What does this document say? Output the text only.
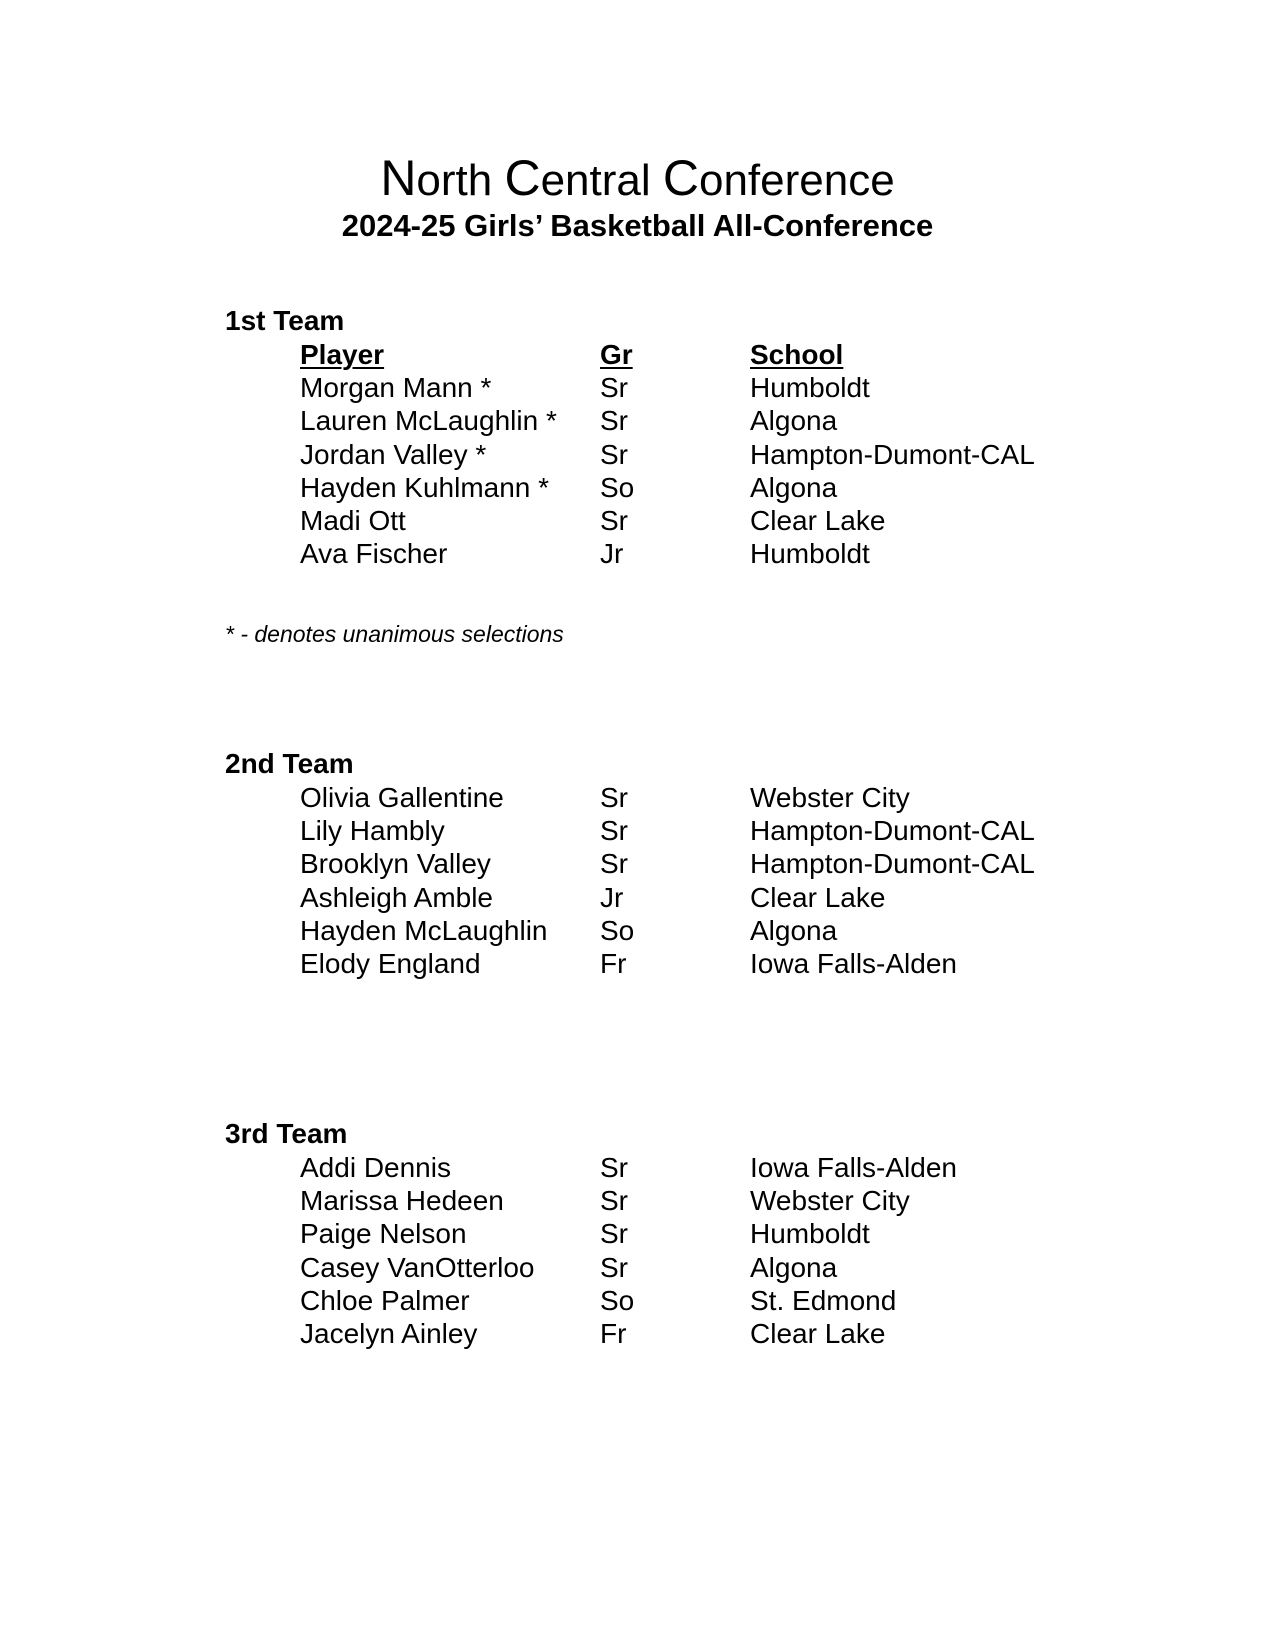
North Central Conference
2024-25 Girls’ Basketball All-Conference
1st Team
Player	Gr	School
Morgan Mann *	Sr	Humboldt
Lauren McLaughlin * Sr	Algona
Jordan Valley *	Sr	Hampton-Dumont-CAL
Hayden Kuhlmann * So	Algona
Madi Ott	Sr	Clear Lake
Ava Fischer	Jr	Humboldt
* - denotes unanimous selections
2nd Team
Olivia Gallentine	Sr	Webster City
Lily Hambly	Sr	Hampton-Dumont-CAL
Brooklyn Valley	Sr	Hampton-Dumont-CAL
Ashleigh Amble	Jr	Clear Lake
Hayden McLaughlin So	Algona
Elody England	Fr	Iowa Falls-Alden
3rd Team
Addi Dennis	Sr	Iowa Falls-Alden
Marissa Hedeen	Sr	Webster City
Paige Nelson	Sr	Humboldt
Casey VanOtterloo Sr	Algona
Chloe Palmer	So	St. Edmond
Jacelyn Ainley	Fr	Clear Lake
